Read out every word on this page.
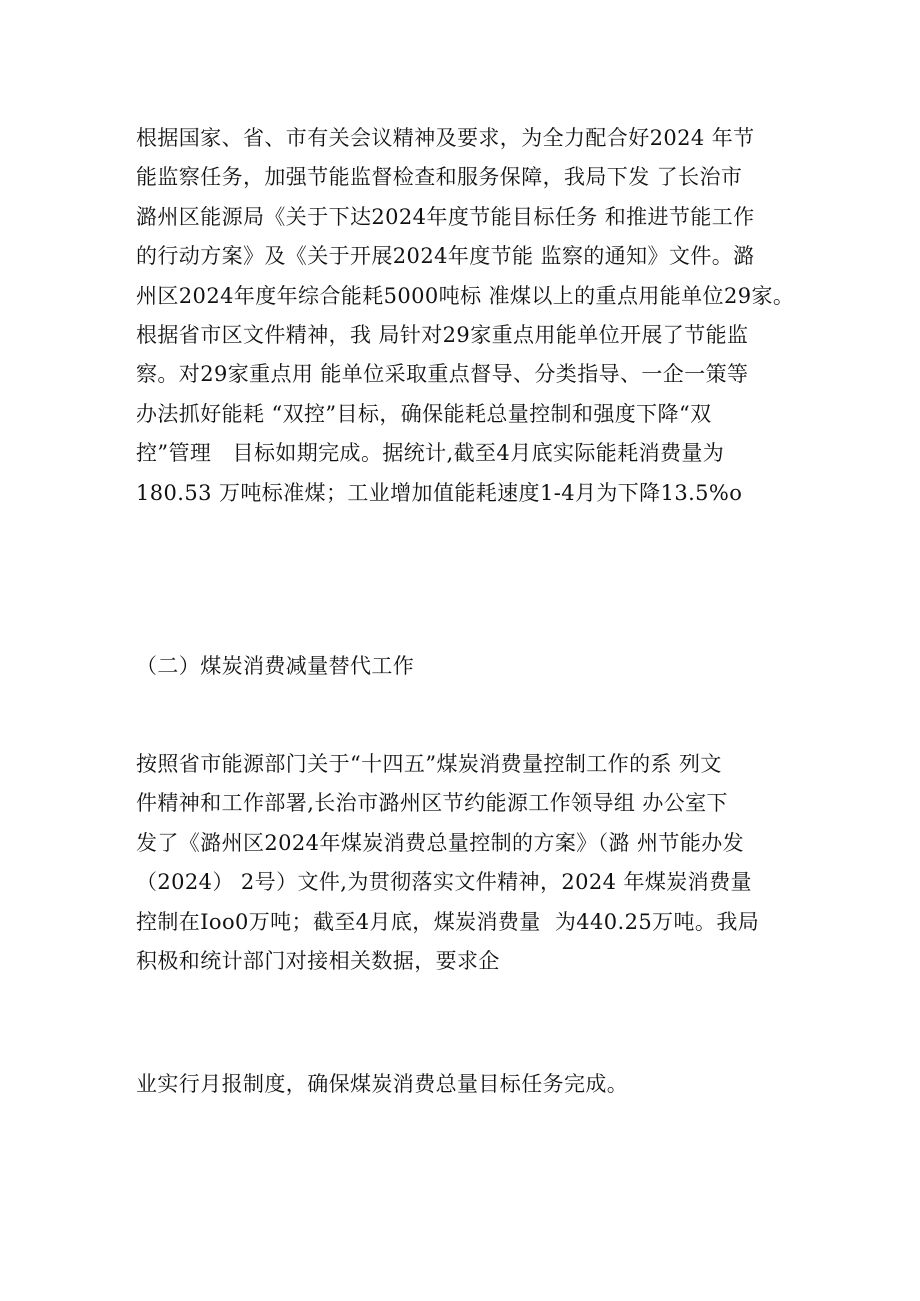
根据国家、省、市有关会议精神及要求，为全力配合好2024 年节
能监察任务，加强节能监督检查和服务保障，我局下发 了长治市
潞州区能源局《关于下达2024年度节能目标任务 和推进节能工作
的行动方案》及《关于开展2024年度节能 监察的通知》文件。潞
州区2024年度年综合能耗5000吨标 准煤以上的重点用能单位29家。
根据省市区文件精神，我 局针对29家重点用能单位开展了节能监
察。对29家重点用 能单位采取重点督导、分类指导、一企一策等
办法抓好能耗 “双控”目标，确保能耗总量控制和强度下降“双
控”管理   目标如期完成。据统计,截至4月底实际能耗消费量为
180.53 万吨标准煤；工业增加值能耗速度1-4月为下降13.5%o

（二）煤炭消费减量替代工作

按照省市能源部门关于“十四五”煤炭消费量控制工作的系 列文
件精神和工作部署,长治市潞州区节约能源工作领导组 办公室下
发了《潞州区2024年煤炭消费总量控制的方案》（潞 州节能办发
（2024） 2号）文件,为贯彻落实文件精神，2024 年煤炭消费量
控制在Ioo0万吨；截至4月底，煤炭消费量  为440.25万吨。我局
积极和统计部门对接相关数据，要求企

业实行月报制度，确保煤炭消费总量目标任务完成。
